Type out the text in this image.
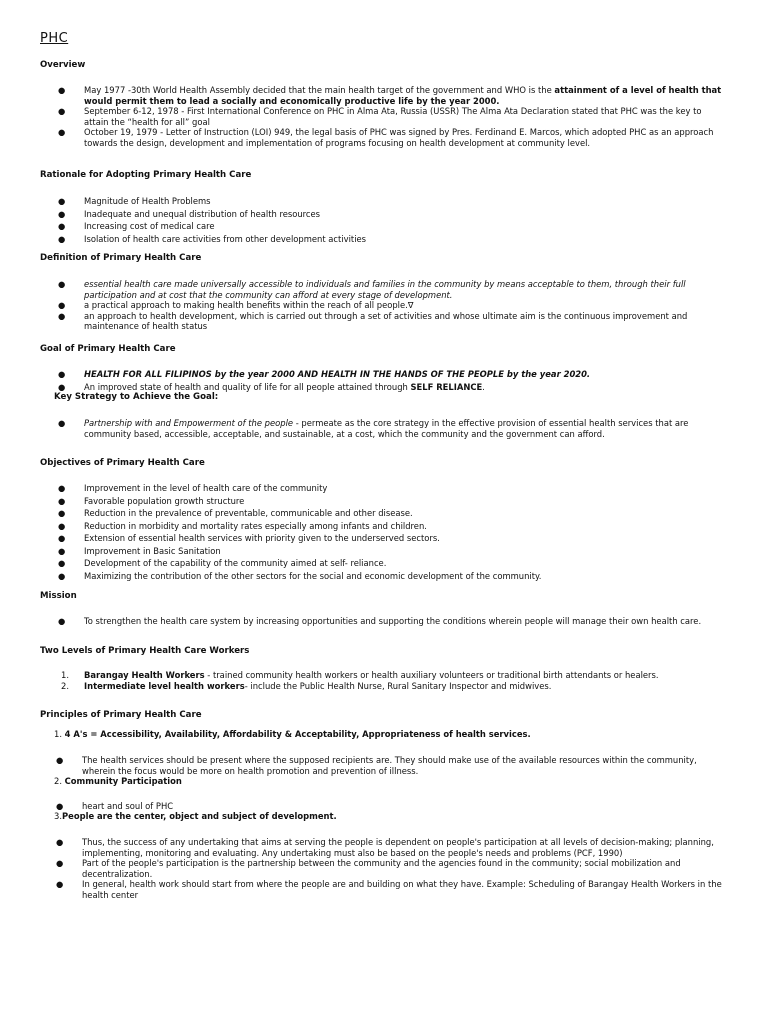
PHC
Overview
● May 1977 -30th World Health Assembly decided that the main health target of the government and WHO is the attainment of a level of health that would permit them to lead a socially and economically productive life by the year 2000.
● September 6-12, 1978 - First International Conference on PHC in Alma Ata, Russia (USSR) The Alma Ata Declaration stated that PHC was the key to attain the “health for all” goal
● October 19, 1979 - Letter of Instruction (LOI) 949, the legal basis of PHC was signed by Pres. Ferdinand E. Marcos, which adopted PHC as an approach towards the design, development and implementation of programs focusing on health development at community level.
Rationale for Adopting Primary Health Care
● Magnitude of Health Problems
● Inadequate and unequal distribution of health resources
● Increasing cost of medical care
● Isolation of health care activities from other development activities
Definition of Primary Health Care
● essential health care made universally accessible to individuals and families in the community by means acceptable to them, through their full participation and at cost that the community can afford at every stage of development.
● a practical approach to making health benefits within the reach of all people.∇
● an approach to health development, which is carried out through a set of activities and whose ultimate aim is the continuous improvement and maintenance of health status
Goal of Primary Health Care
● HEALTH FOR ALL FILIPINOS by the year 2000 AND HEALTH IN THE HANDS OF THE PEOPLE by the year 2020.
● An improved state of health and quality of life for all people attained through SELF RELIANCE.
Key Strategy to Achieve the Goal:
● Partnership with and Empowerment of the people - permeate as the core strategy in the effective provision of essential health services that are community based, accessible, acceptable, and sustainable, at a cost, which the community and the government can afford.
Objectives of Primary Health Care
● Improvement in the level of health care of the community
● Favorable population growth structure
● Reduction in the prevalence of preventable, communicable and other disease.
● Reduction in morbidity and mortality rates especially among infants and children.
● Extension of essential health services with priority given to the underserved sectors.
● Improvement in Basic Sanitation
● Development of the capability of the community aimed at self- reliance.
● Maximizing the contribution of the other sectors for the social and economic development of the community.
Mission
● To strengthen the health care system by increasing opportunities and supporting the conditions wherein people will manage their own health care.
Two Levels of Primary Health Care Workers
1. Barangay Health Workers - trained community health workers or health auxiliary volunteers or traditional birth attendants or healers.
2. Intermediate level health workers- include the Public Health Nurse, Rural Sanitary Inspector and midwives.
Principles of Primary Health Care
1. 4 A's = Accessibility, Availability, Affordability & Acceptability, Appropriateness of health services.
● The health services should be present where the supposed recipients are. They should make use of the available resources within the community, wherein the focus would be more on health promotion and prevention of illness.
2. Community Participation
● heart and soul of PHC
3.People are the center, object and subject of development.
● Thus, the success of any undertaking that aims at serving the people is dependent on people's participation at all levels of decision-making; planning, implementing, monitoring and evaluating. Any undertaking must also be based on the people's needs and problems (PCF, 1990)
● Part of the people's participation is the partnership between the community and the agencies found in the community; social mobilization and decentralization.
● In general, health work should start from where the people are and building on what they have. Example: Scheduling of Barangay Health Workers in the health center
